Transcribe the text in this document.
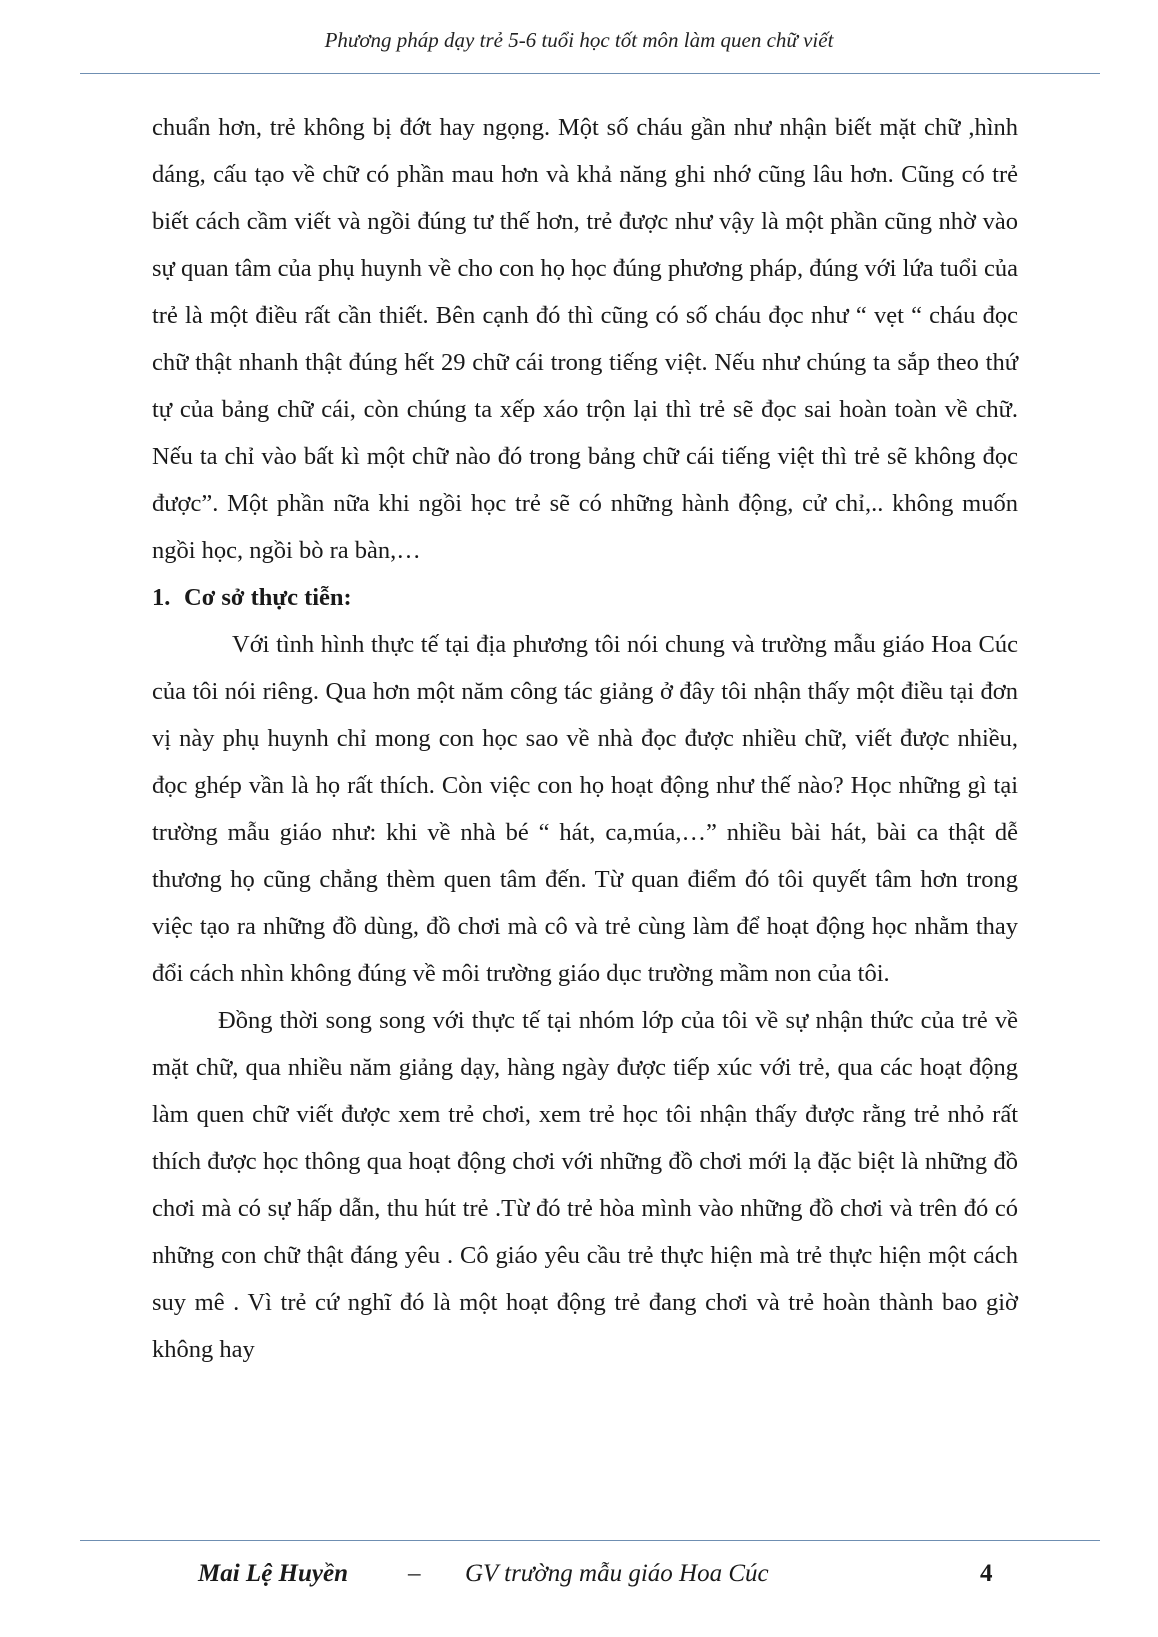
Phương pháp dạy trẻ 5-6 tuổi học tốt môn làm quen chữ viết

chuẩn hơn, trẻ không bị đớt hay ngọng. Một số cháu gần như nhận biết mặt chữ ,hình dáng, cấu tạo về chữ có phần mau hơn và khả năng ghi nhớ cũng lâu hơn. Cũng có trẻ biết cách cầm viết và ngồi đúng tư thế hơn, trẻ được như vậy là một phần cũng nhờ vào sự quan tâm của phụ huynh về cho con họ học đúng phương pháp, đúng với lứa tuổi của trẻ là một điều rất cần thiết. Bên cạnh đó thì cũng có số cháu đọc như “ vẹt “ cháu đọc chữ thật nhanh thật đúng hết 29 chữ cái trong tiếng việt. Nếu như chúng ta sắp theo thứ tự của bảng chữ cái, còn chúng ta xếp xáo trộn lại thì trẻ sẽ đọc sai hoàn toàn về chữ. Nếu ta chỉ vào bất kì một chữ nào đó trong bảng chữ cái tiếng việt thì trẻ sẽ không đọc được”. Một phần nữa khi ngồi học trẻ sẽ có những hành động, cử chỉ,.. không muốn ngồi học, ngồi bò ra bàn,…

1. Cơ sở thực tiễn:

Với tình hình thực tế tại địa phương tôi nói chung và trường mẫu giáo Hoa Cúc của tôi nói riêng. Qua hơn một năm công tác giảng ở đây tôi nhận thấy một điều tại đơn vị này phụ huynh chỉ mong con học sao về nhà đọc được nhiều chữ, viết được nhiều, đọc ghép vần là họ rất thích. Còn việc con họ hoạt động như thế nào? Học những gì tại trường mẫu giáo như: khi về nhà bé “ hát, ca,múa,…” nhiều bài hát, bài ca thật dễ thương họ cũng chẳng thèm quen tâm đến. Từ quan điểm đó tôi quyết tâm hơn trong việc tạo ra những đồ dùng, đồ chơi mà cô và trẻ cùng làm để hoạt động học nhằm thay đổi cách nhìn không đúng về môi trường giáo dục trường mầm non của tôi.

Đồng thời song song với thực tế tại nhóm lớp của tôi về sự nhận thức của trẻ về mặt chữ, qua nhiều năm giảng dạy, hàng ngày được tiếp xúc với trẻ, qua các hoạt động làm quen chữ viết được xem trẻ chơi, xem trẻ học tôi nhận thấy được rằng trẻ nhỏ rất thích được học thông qua hoạt động chơi với những đồ chơi mới lạ đặc biệt là những đồ chơi mà có sự hấp dẫn, thu hút trẻ .Từ đó trẻ hòa mình vào những đồ chơi và trên đó có những con chữ thật đáng yêu . Cô giáo yêu cầu trẻ thực hiện mà trẻ thực hiện một cách suy mê . Vì trẻ cứ nghĩ đó là một hoạt động trẻ đang chơi và trẻ hoàn thành bao giờ không hay

Mai Lệ Huyền – GV trường mẫu giáo Hoa Cúc	4
